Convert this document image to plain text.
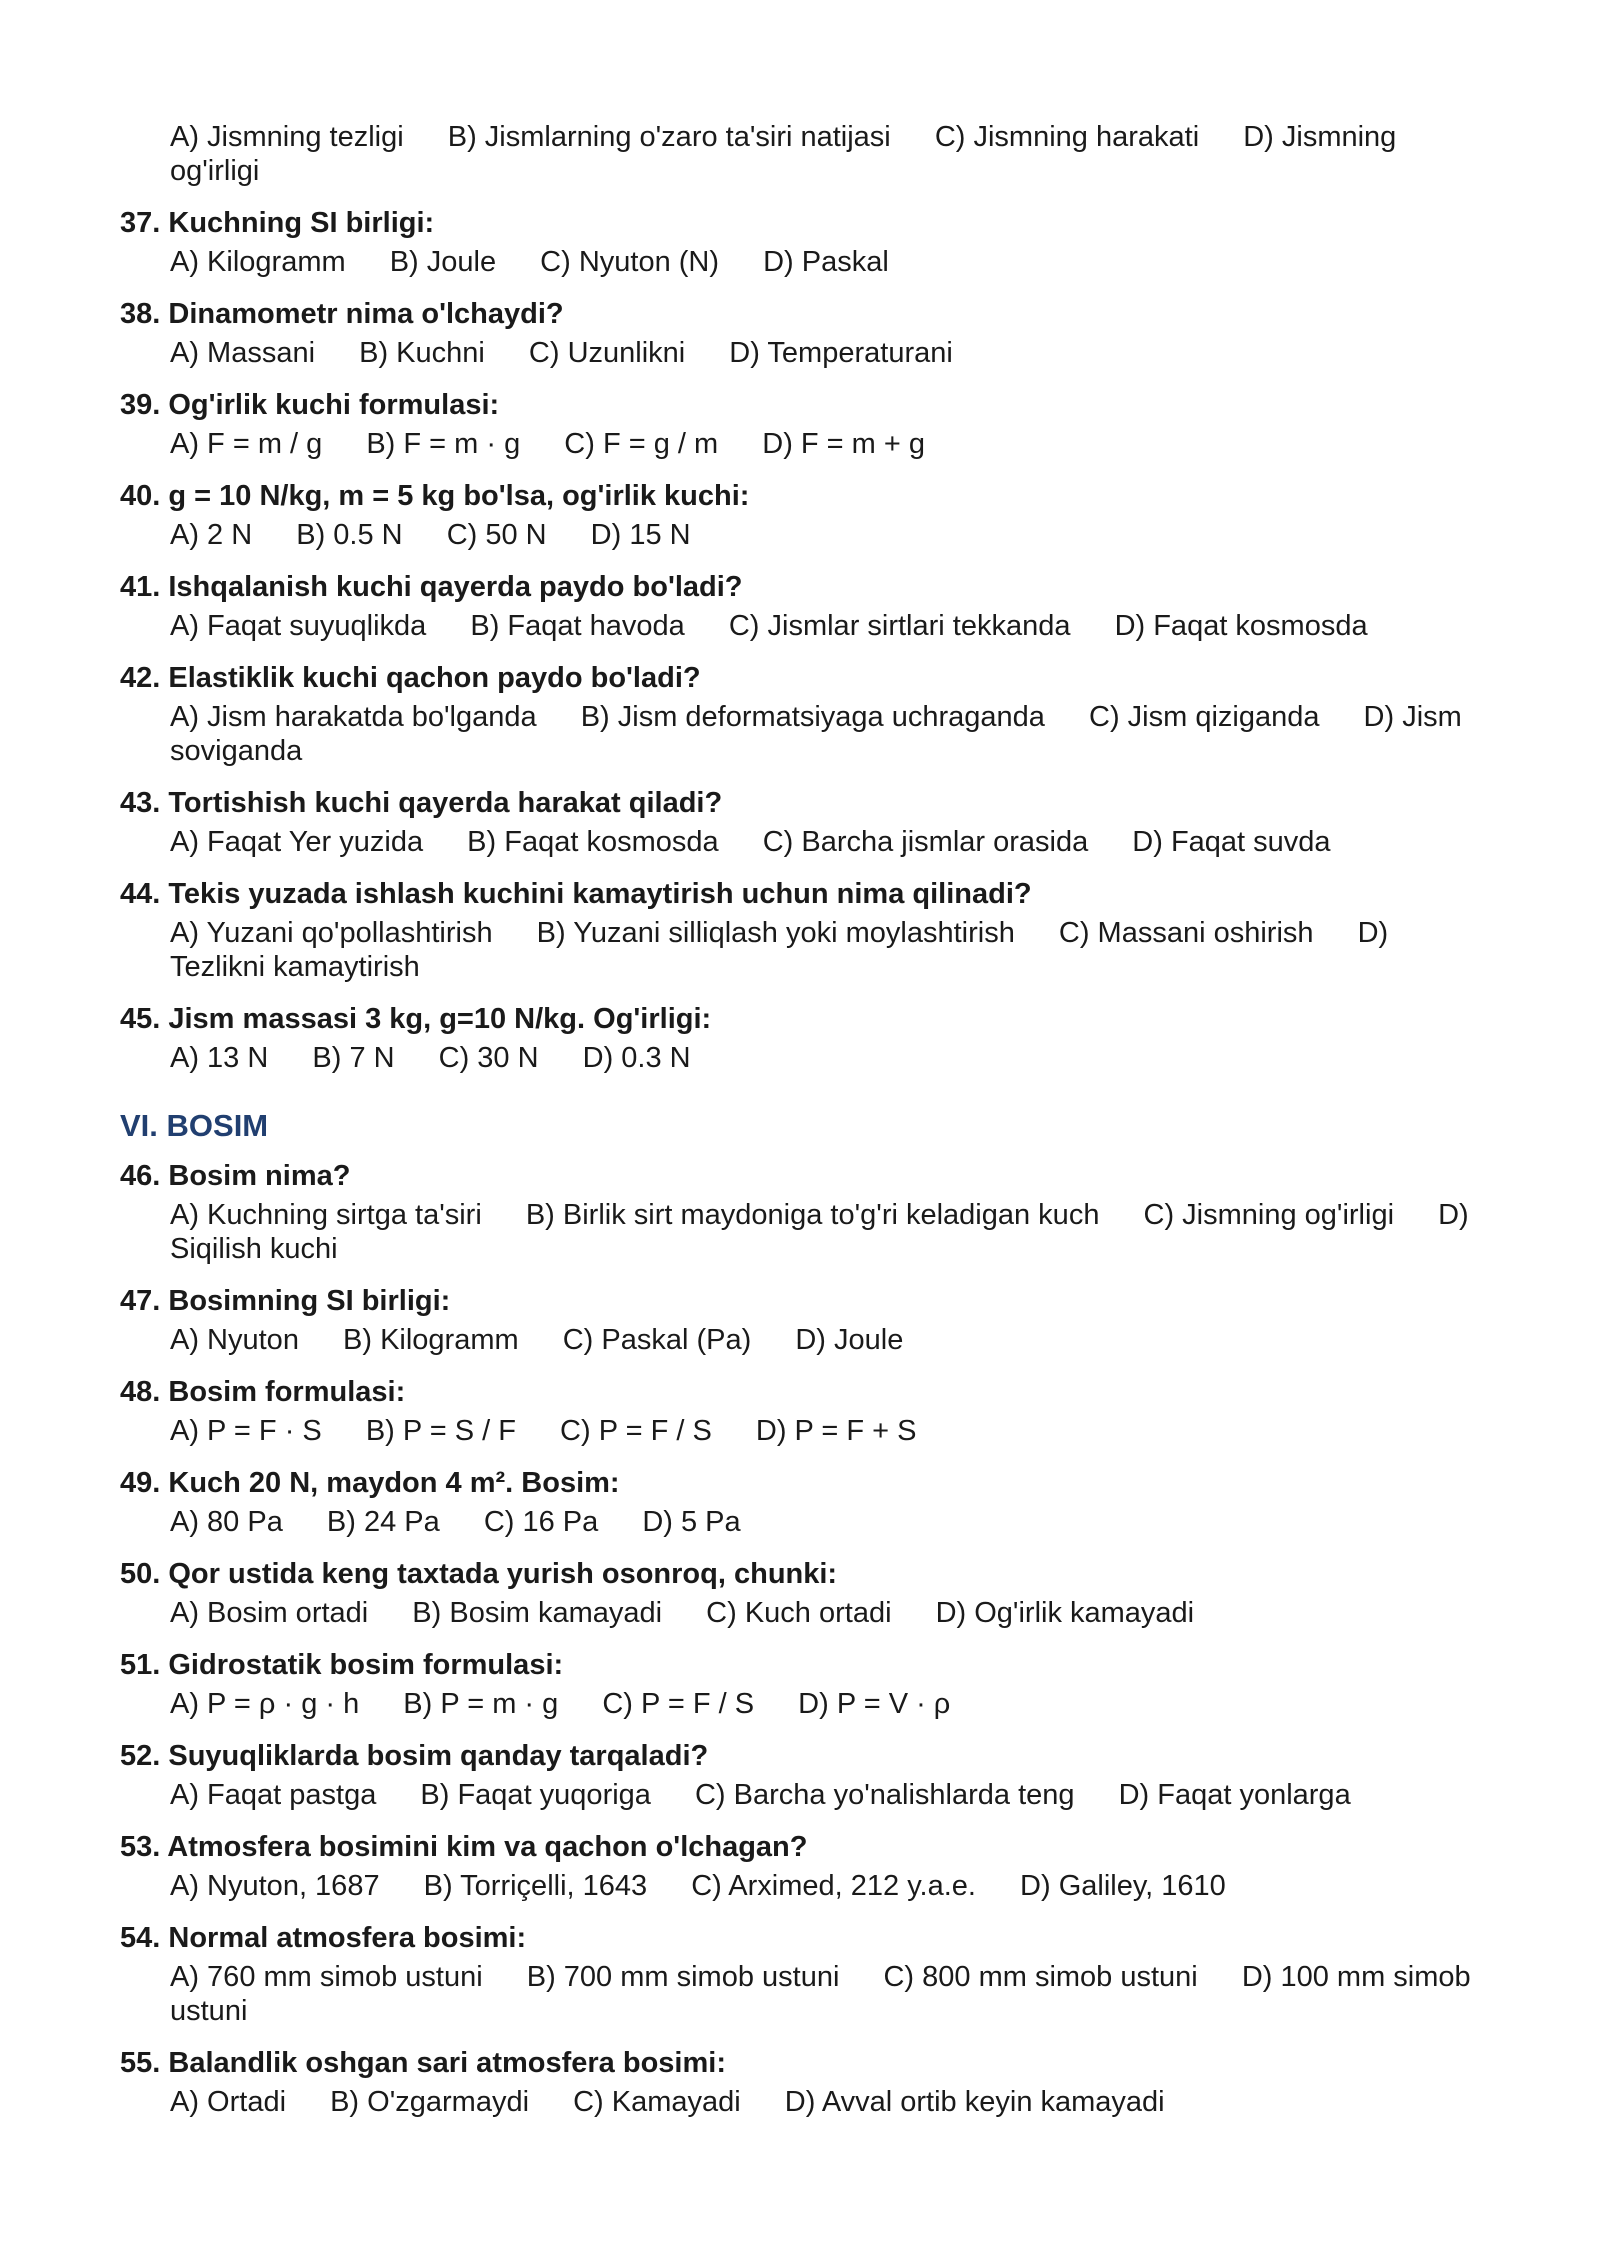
A) Jismning tezligi B) Jismlarning o'zaro ta'siri natijasi C) Jismning harakati D) Jismning og'irligi
37. Kuchning SI birligi:
A) Kilogramm B) Joule C) Nyuton (N) D) Paskal
38. Dinamometr nima o'lchaydi?
A) Massani B) Kuchni C) Uzunlikni D) Temperaturani
39. Og'irlik kuchi formulasi:
A) F = m / g B) F = m · g C) F = g / m D) F = m + g
40. g = 10 N/kg, m = 5 kg bo'lsa, og'irlik kuchi:
A) 2 N B) 0.5 N C) 50 N D) 15 N
41. Ishqalanish kuchi qayerda paydo bo'ladi?
A) Faqat suyuqlikda B) Faqat havoda C) Jismlar sirtlari tekkanda D) Faqat kosmosda
42. Elastiklik kuchi qachon paydo bo'ladi?
A) Jism harakatda bo'lganda B) Jism deformatsiyaga uchraganda C) Jism qiziganda D) Jism soviganda
43. Tortishish kuchi qayerda harakat qiladi?
A) Faqat Yer yuzida B) Faqat kosmosda C) Barcha jismlar orasida D) Faqat suvda
44. Tekis yuzada ishlash kuchini kamaytirish uchun nima qilinadi?
A) Yuzani qo'pollashtirish B) Yuzani silliqlash yoki moylashtirish C) Massani oshirish D) Tezlikni kamaytirish
45. Jism massasi 3 kg, g=10 N/kg. Og'irligi:
A) 13 N B) 7 N C) 30 N D) 0.3 N
VI. BOSIM
46. Bosim nima?
A) Kuchning sirtga ta'siri B) Birlik sirt maydoniga to'g'ri keladigan kuch C) Jismning og'irligi D) Siqilish kuchi
47. Bosimning SI birligi:
A) Nyuton B) Kilogramm C) Paskal (Pa) D) Joule
48. Bosim formulasi:
A) P = F · S B) P = S / F C) P = F / S D) P = F + S
49. Kuch 20 N, maydon 4 m². Bosim:
A) 80 Pa B) 24 Pa C) 16 Pa D) 5 Pa
50. Qor ustida keng taxtada yurish osonroq, chunki:
A) Bosim ortadi B) Bosim kamayadi C) Kuch ortadi D) Og'irlik kamayadi
51. Gidrostatik bosim formulasi:
A) P = ρ · g · h B) P = m · g C) P = F / S D) P = V · ρ
52. Suyuqliklarda bosim qanday tarqaladi?
A) Faqat pastga B) Faqat yuqoriga C) Barcha yo'nalishlarda teng D) Faqat yonlarga
53. Atmosfera bosimini kim va qachon o'lchagan?
A) Nyuton, 1687 B) Torriçelli, 1643 C) Arximed, 212 y.a.e. D) Galiley, 1610
54. Normal atmosfera bosimi:
A) 760 mm simob ustuni B) 700 mm simob ustuni C) 800 mm simob ustuni D) 100 mm simob ustuni
55. Balandlik oshgan sari atmosfera bosimi:
A) Ortadi B) O'zgarmaydi C) Kamayadi D) Avval ortib keyin kamayadi
